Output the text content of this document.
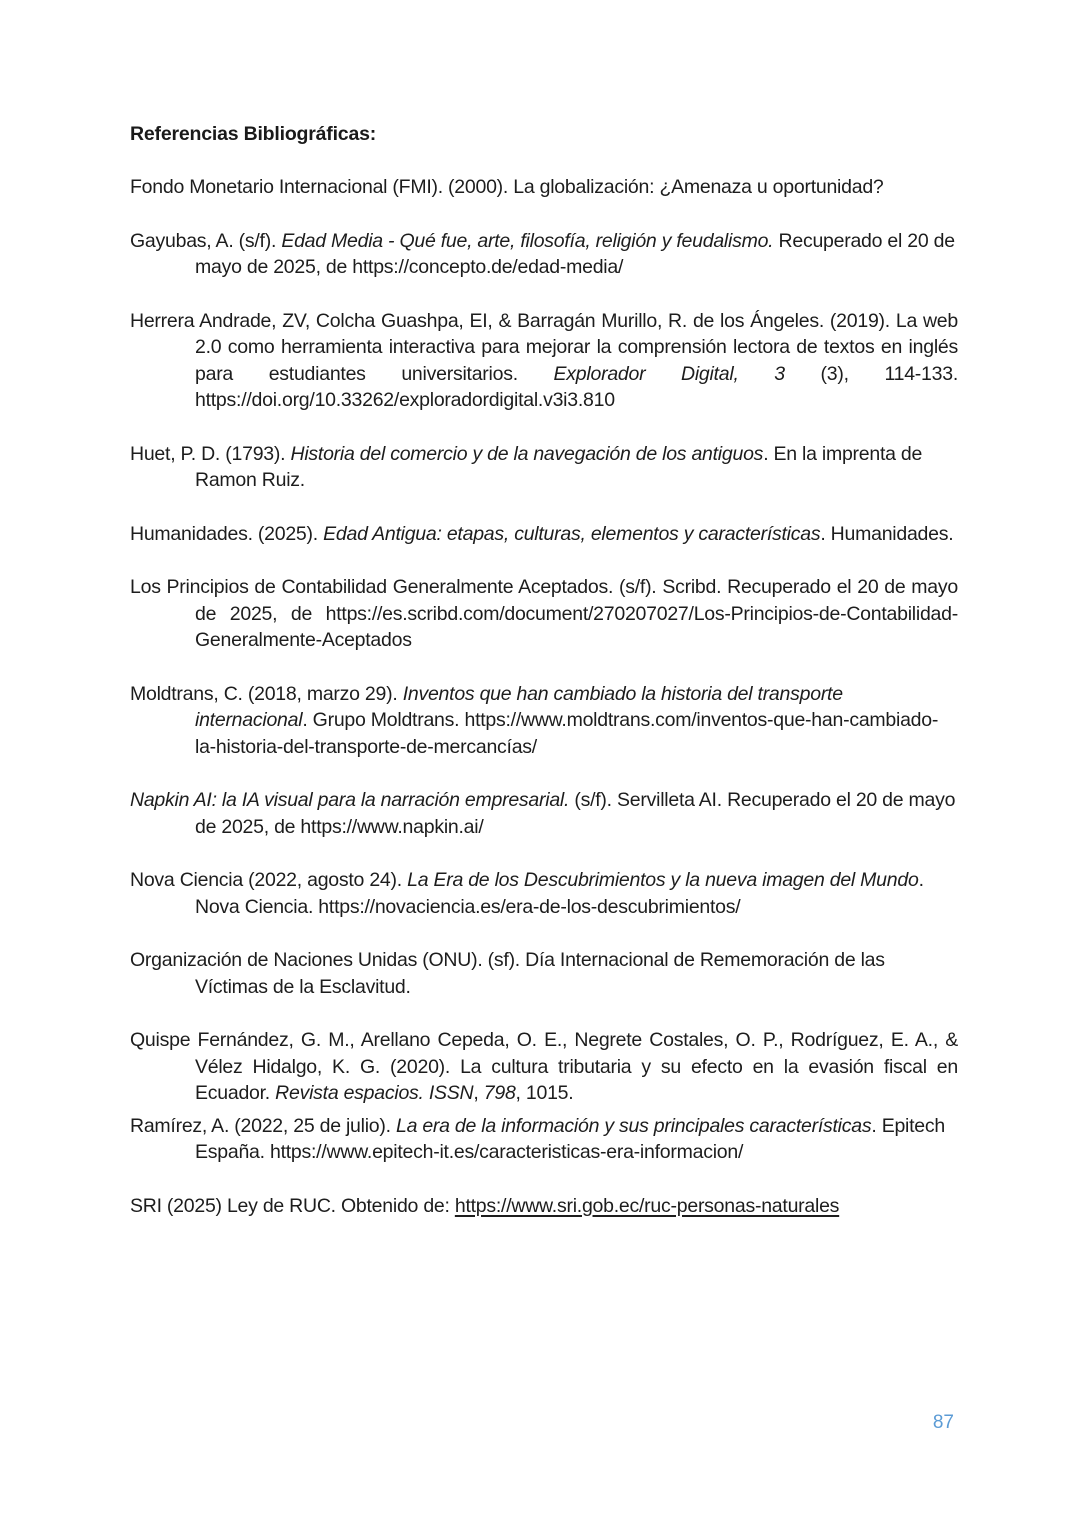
Referencias Bibliográficas:

Fondo Monetario Internacional (FMI). (2000). La globalización: ¿Amenaza u oportunidad?

Gayubas, A. (s/f). Edad Media - Qué fue, arte, filosofía, religión y feudalismo. Recuperado el 20 de mayo de 2025, de https://concepto.de/edad-media/

Herrera Andrade, ZV, Colcha Guashpa, EI, & Barragán Murillo, R. de los Ángeles. (2019). La web 2.0 como herramienta interactiva para mejorar la comprensión lectora de textos en inglés para estudiantes universitarios. Explorador Digital, 3 (3), 114-133. https://doi.org/10.33262/exploradordigital.v3i3.810

Huet, P. D. (1793). Historia del comercio y de la navegación de los antiguos. En la imprenta de Ramon Ruiz.

Humanidades. (2025). Edad Antigua: etapas, culturas, elementos y características. Humanidades.

Los Principios de Contabilidad Generalmente Aceptados. (s/f). Scribd. Recuperado el 20 de mayo de 2025, de https://es.scribd.com/document/270207027/Los-Principios-de-Contabilidad-Generalmente-Aceptados

Moldtrans, C. (2018, marzo 29). Inventos que han cambiado la historia del transporte internacional. Grupo Moldtrans. https://www.moldtrans.com/inventos-que-han-cambiado-la-historia-del-transporte-de-mercancías/

Napkin AI: la IA visual para la narración empresarial. (s/f). Servilleta AI. Recuperado el 20 de mayo de 2025, de https://www.napkin.ai/

Nova Ciencia (2022, agosto 24). La Era de los Descubrimientos y la nueva imagen del Mundo. Nova Ciencia. https://novaciencia.es/era-de-los-descubrimientos/

Organización de Naciones Unidas (ONU). (sf). Día Internacional de Rememoración de las Víctimas de la Esclavitud.

Quispe Fernández, G. M., Arellano Cepeda, O. E., Negrete Costales, O. P., Rodríguez, E. A., & Vélez Hidalgo, K. G. (2020). La cultura tributaria y su efecto en la evasión fiscal en Ecuador. Revista espacios. ISSN, 798, 1015.

Ramírez, A. (2022, 25 de julio). La era de la información y sus principales características. Epitech España. https://www.epitech-it.es/caracteristicas-era-informacion/

SRI (2025) Ley de RUC. Obtenido de: https://www.sri.gob.ec/ruc-personas-naturales

87
